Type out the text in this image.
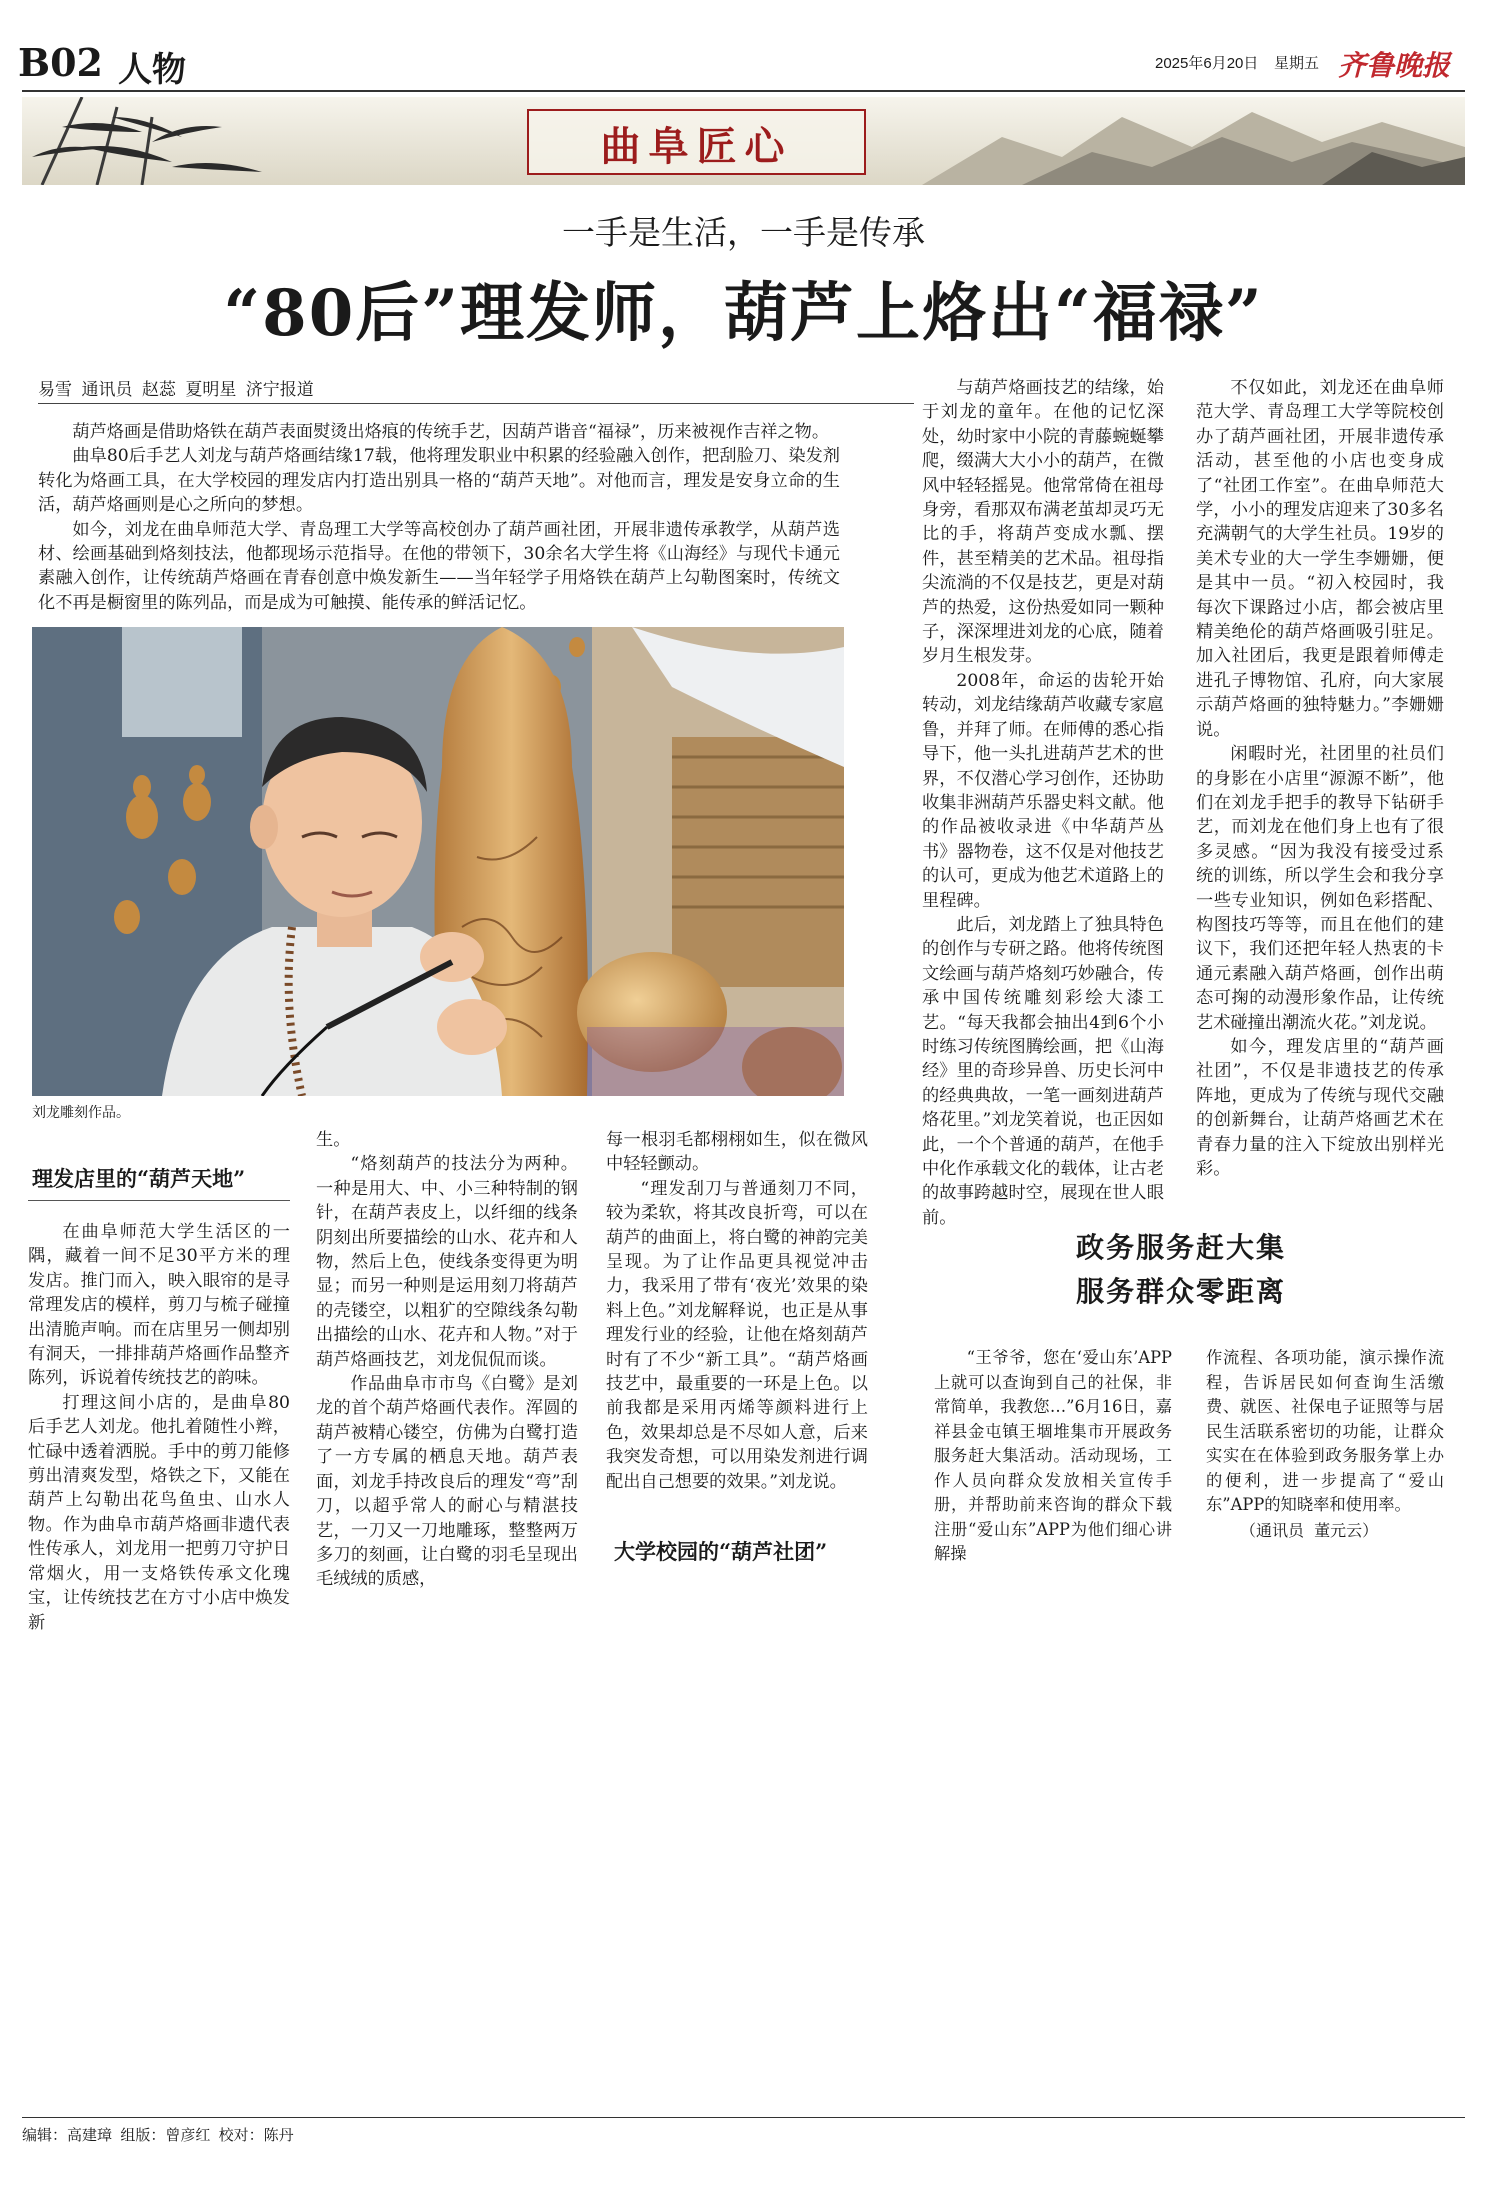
B02 人物	2025年6月20日 星期五 齐鲁晚报
曲阜匠心
一手是生活，一手是传承
“80后”理发师，葫芦上烙出“福禄”
易雪  通讯员  赵蕊  夏明星  济宁报道

葫芦烙画是借助烙铁在葫芦表面熨烫出烙痕的传统手艺，因葫芦谐音“福禄”，历来被视作吉祥之物。

曲阜80后手艺人刘龙与葫芦烙画结缘17载，他将理发职业中积累的经验融入创作，把刮脸刀、染发剂转化为烙画工具，在大学校园的理发店内打造出别具一格的“葫芦天地”。对他而言，理发是安身立命的生活，葫芦烙画则是心之所向的梦想。

如今，刘龙在曲阜师范大学、青岛理工大学等高校创办了葫芦画社团，开展非遗传承教学，从葫芦选材、绘画基础到烙刻技法，他都现场示范指导。在他的带领下，30余名大学生将《山海经》与现代卡通元素融入创作，让传统葫芦烙画在青春创意中焕发新生——当年轻学子用烙铁在葫芦上勾勒图案时，传统文化不再是橱窗里的陈列品，而是成为可触摸、能传承的鲜活记忆。

刘龙雕刻作品。
理发店里的“葫芦天地”

在曲阜师范大学生活区的一隅，藏着一间不足30平方米的理发店。推门而入，映入眼帘的是寻常理发店的模样，剪刀与梳子碰撞出清脆声响。而在店里另一侧却别有洞天，一排排葫芦烙画作品整齐陈列，诉说着传统技艺的韵味。

打理这间小店的，是曲阜80后手艺人刘龙。他扎着随性小辫，忙碌中透着洒脱。手中的剪刀能修剪出清爽发型，烙铁之下，又能在葫芦上勾勒出花鸟鱼虫、山水人物。作为曲阜市葫芦烙画非遗代表性传承人，刘龙用一把剪刀守护日常烟火，用一支烙铁传承文化瑰宝，让传统技艺在方寸小店中焕发新

生。

“烙刻葫芦的技法分为两种。一种是用大、中、小三种特制的钢针，在葫芦表皮上，以纤细的线条阴刻出所要描绘的山水、花卉和人物，然后上色，使线条变得更为明显；而另一种则是运用刻刀将葫芦的壳镂空，以粗犷的空隙线条勾勒出描绘的山水、花卉和人物。”对于葫芦烙画技艺，刘龙侃侃而谈。

作品曲阜市市鸟《白鹭》是刘龙的首个葫芦烙画代表作。浑圆的葫芦被精心镂空，仿佛为白鹭打造了一方专属的栖息天地。葫芦表面，刘龙手持改良后的理发“弯”刮刀，以超乎常人的耐心与精湛技艺，一刀又一刀地雕琢，整整两万多刀的刻画，让白鹭的羽毛呈现出毛绒绒的质感，

每一根羽毛都栩栩如生，似在微风中轻轻颤动。

“理发刮刀与普通刻刀不同，较为柔软，将其改良折弯，可以在葫芦的曲面上，将白鹭的神韵完美呈现。为了让作品更具视觉冲击力，我采用了带有‘夜光’效果的染料上色。”刘龙解释说，也正是从事理发行业的经验，让他在烙刻葫芦时有了不少“新工具”。“葫芦烙画技艺中，最重要的一环是上色。以前我都是采用丙烯等颜料进行上色，效果却总是不尽如人意，后来我突发奇想，可以用染发剂进行调配出自己想要的效果。”刘龙说。

大学校园的“葫芦社团”

与葫芦烙画技艺的结缘，始于刘龙的童年。在他的记忆深处，幼时家中小院的青藤蜿蜒攀爬，缀满大大小小的葫芦，在微风中轻轻摇晃。他常常倚在祖母身旁，看那双布满老茧却灵巧无比的手，将葫芦变成水瓢、摆件，甚至精美的艺术品。祖母指尖流淌的不仅是技艺，更是对葫芦的热爱，这份热爱如同一颗种子，深深埋进刘龙的心底，随着岁月生根发芽。

2008年，命运的齿轮开始转动，刘龙结缘葫芦收藏专家扈鲁，并拜了师。在师傅的悉心指导下，他一头扎进葫芦艺术的世界，不仅潜心学习创作，还协助收集非洲葫芦乐器史料文献。他的作品被收录进《中华葫芦丛书》器物卷，这不仅是对他技艺的认可，更成为他艺术道路上的里程碑。

此后，刘龙踏上了独具特色的创作与专研之路。他将传统图文绘画与葫芦烙刻巧妙融合，传承中国传统雕刻彩绘大漆工艺。“每天我都会抽出4到6个小时练习传统图腾绘画，把《山海经》里的奇珍异兽、历史长河中的经典典故，一笔一画刻进葫芦烙花里。”刘龙笑着说，也正因如此，一个个普通的葫芦，在他手中化作承载文化的载体，让古老的故事跨越时空，展现在世人眼前。

不仅如此，刘龙还在曲阜师范大学、青岛理工大学等院校创办了葫芦画社团，开展非遗传承活动，甚至他的小店也变身成了“社团工作室”。在曲阜师范大学，小小的理发店迎来了30多名充满朝气的大学生社员。19岁的美术专业的大一学生李姗姗，便是其中一员。“初入校园时，我每次下课路过小店，都会被店里精美绝伦的葫芦烙画吸引驻足。加入社团后，我更是跟着师傅走进孔子博物馆、孔府，向大家展示葫芦烙画的独特魅力。”李姗姗说。

闲暇时光，社团里的社员们的身影在小店里“源源不断”，他们在刘龙手把手的教导下钻研手艺，而刘龙在他们身上也有了很多灵感。“因为我没有接受过系统的训练，所以学生会和我分享一些专业知识，例如色彩搭配、构图技巧等等，而且在他们的建议下，我们还把年轻人热衷的卡通元素融入葫芦烙画，创作出萌态可掬的动漫形象作品，让传统艺术碰撞出潮流火花。”刘龙说。

如今，理发店里的“葫芦画社团”，不仅是非遗技艺的传承阵地，更成为了传统与现代交融的创新舞台，让葫芦烙画艺术在青春力量的注入下绽放出别样光彩。

政务服务赶大集
服务群众零距离

“王爷爷，您在‘爱山东’APP上就可以查询到自己的社保，非常简单，我教您…”6月16日，嘉祥县金屯镇王堌堆集市开展政务服务赶大集活动。活动现场，工作人员向群众发放相关宣传手册，并帮助前来咨询的群众下载注册“爱山东”APP为他们细心讲解操

作流程、各项功能，演示操作流程，告诉居民如何查询生活缴费、就医、社保电子证照等与居民生活联系密切的功能，让群众实实在在体验到政务服务掌上办的便利，进一步提高了“爱山东”APP的知晓率和使用率。

（通讯员  董元云）
编辑：高建璋  组版：曾彦红  校对：陈丹
